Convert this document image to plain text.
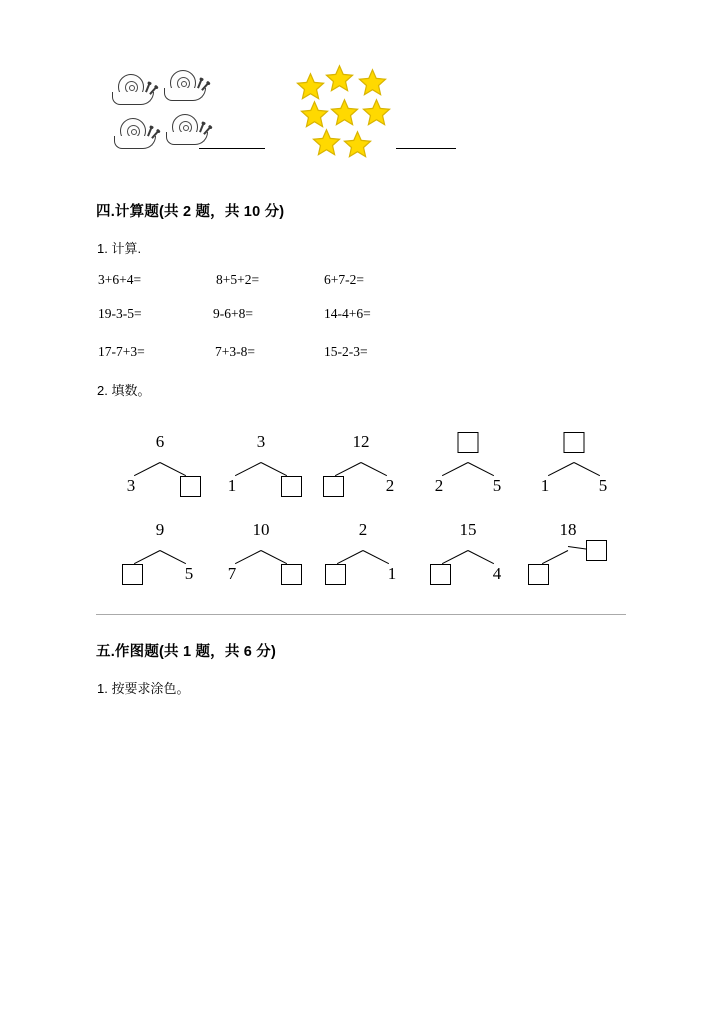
四.计算题(共 2 题，共 10 分)
1. 计算.
3+6+4=	8+5+2=	6+7-2=
19-3-5=	9-6+8=	14-4+6=
17-7+3=	7+3-8=	15-2-3=
2. 填数。
6
3
3
1
12
2	2	5	1	5
9
5
10
7
2
1
15
4
18
五.作图题(共 1 题，共 6 分)
1. 按要求涂色。
